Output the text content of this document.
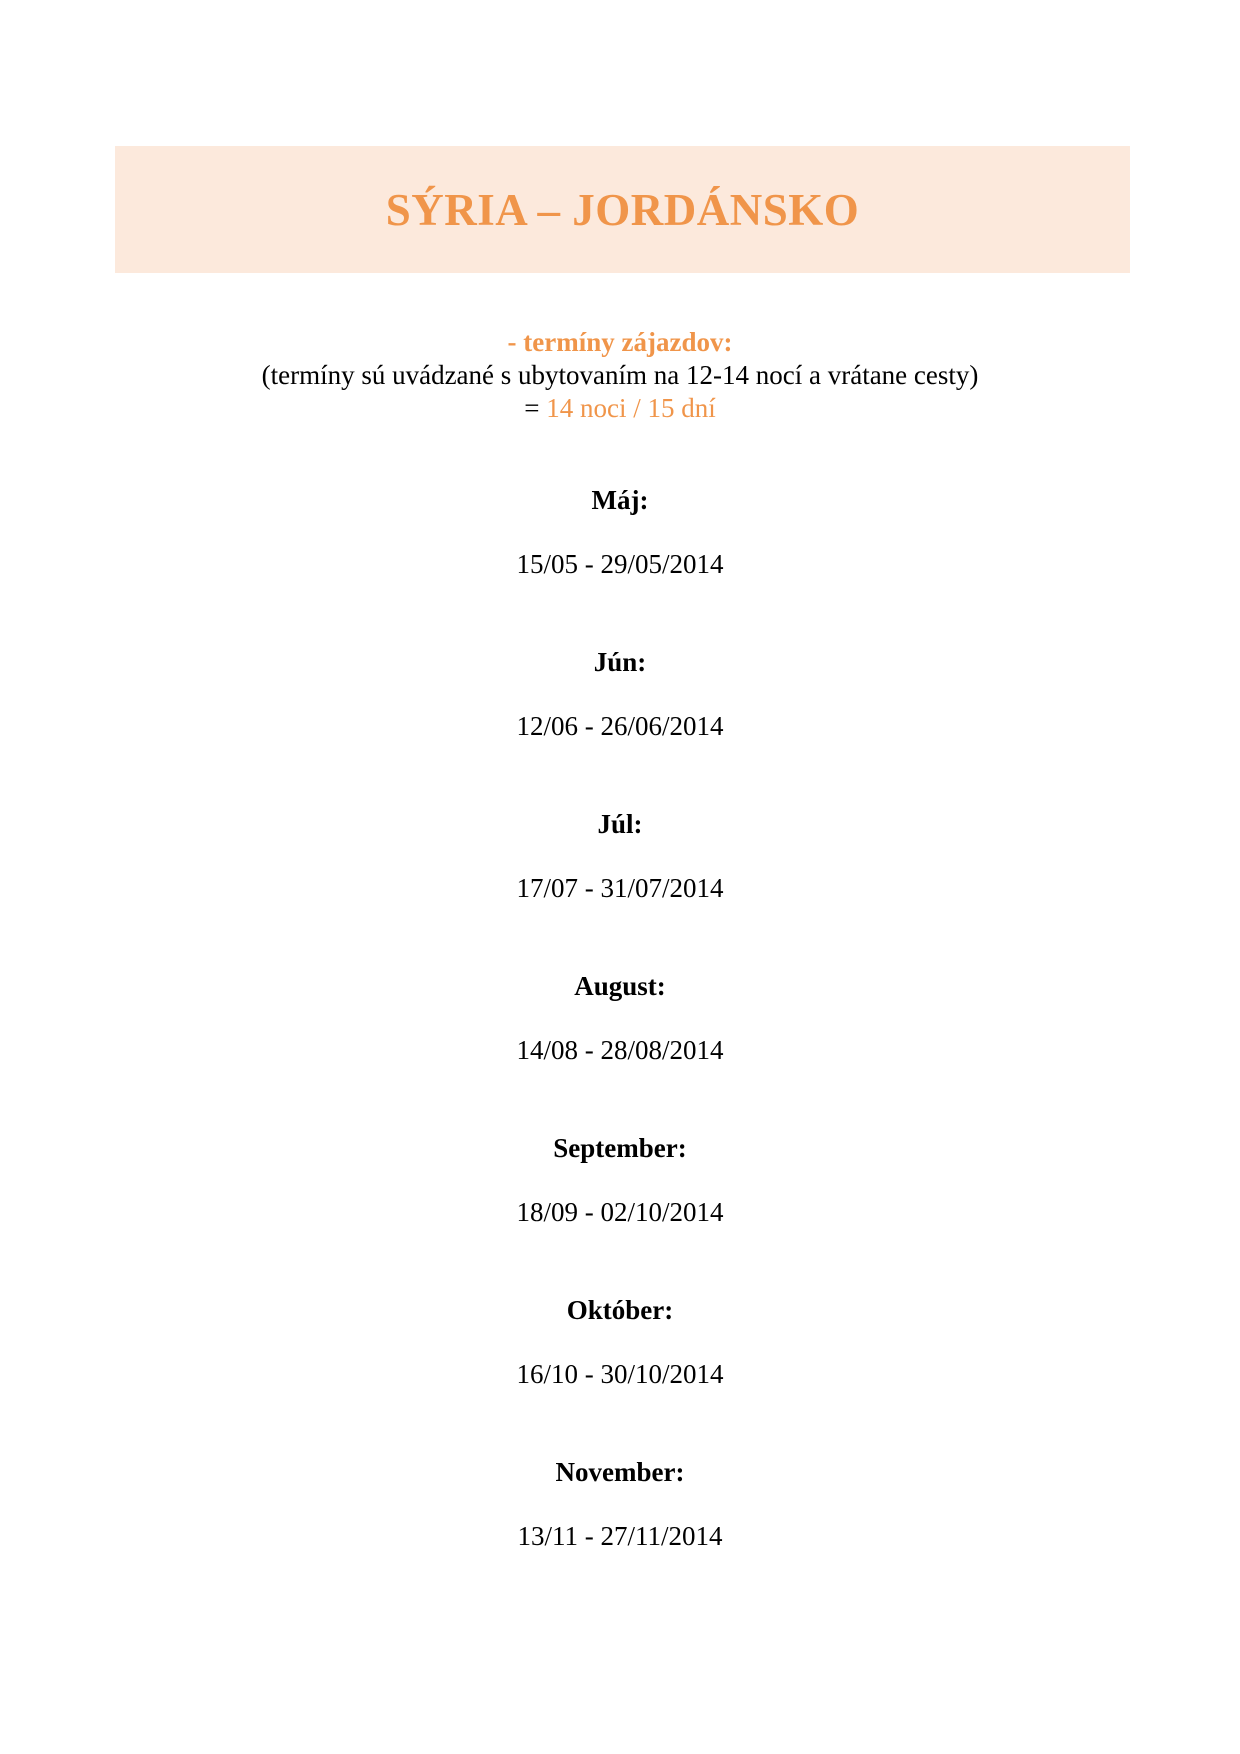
SÝRIA – JORDÁNSKO
- termíny zájazdov:
(termíny sú uvádzané s ubytovaním na 12-14 nocí a vrátane cesty)
= 14 noci / 15 dní

Máj:

15/05 - 29/05/2014

Jún:

12/06 - 26/06/2014

Júl:

17/07 - 31/07/2014

August:

14/08 - 28/08/2014

September:

18/09 - 02/10/2014

Október:

16/10 - 30/10/2014

November:

13/11 - 27/11/2014
